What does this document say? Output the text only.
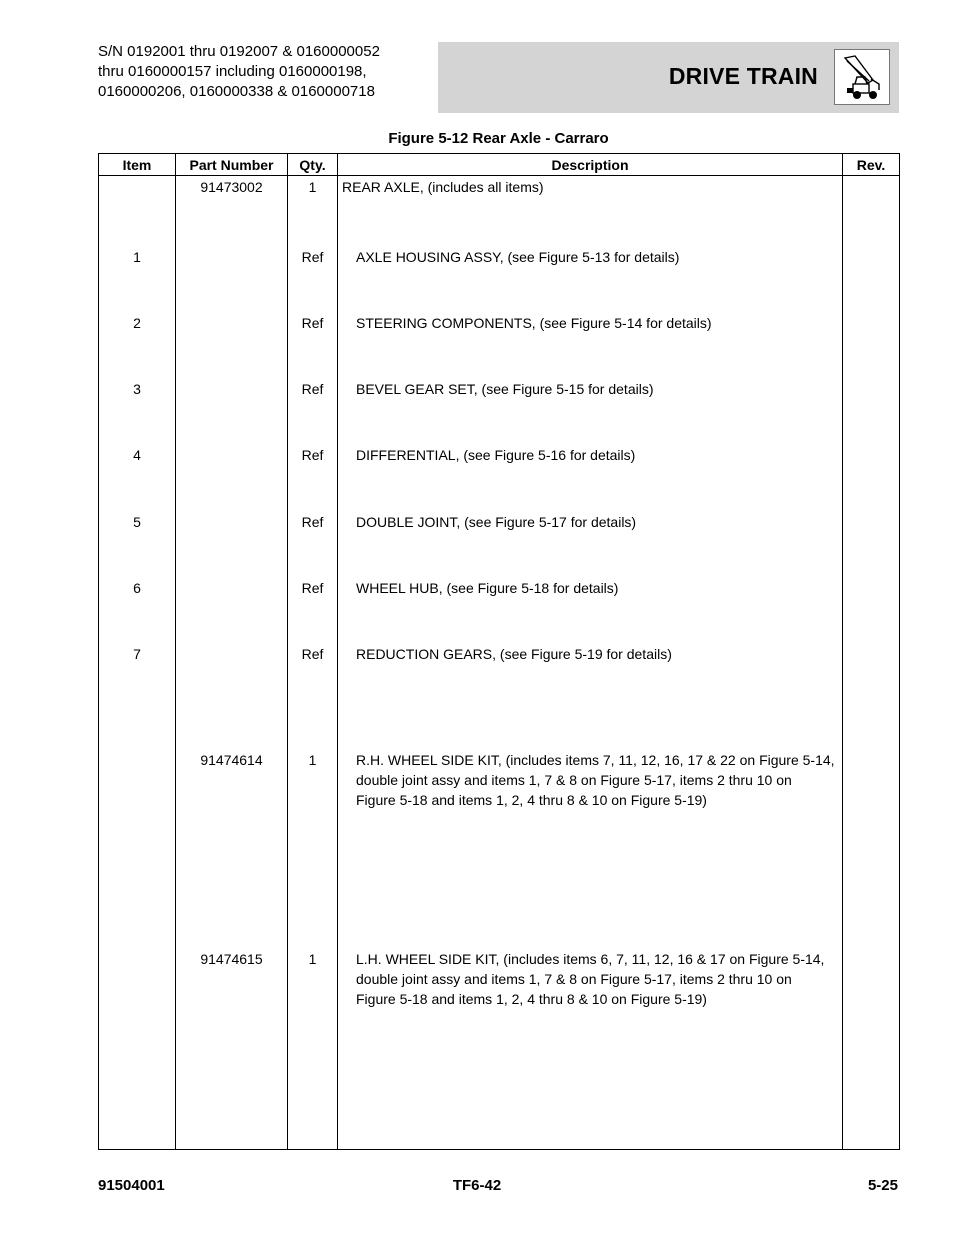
S/N 0192001 thru 0192007 & 0160000052
thru 0160000157 including 0160000198,
0160000206, 0160000338 & 0160000718
DRIVE TRAIN
Figure 5-12 Rear Axle - Carraro
Item	Part Number	Qty.	Description	Rev.
	91473002	1	REAR AXLE, (includes all items)	

1		Ref	AXLE HOUSING ASSY, (see Figure 5-13 for details)	

2		Ref	STEERING COMPONENTS, (see Figure 5-14 for details)	

3		Ref	BEVEL GEAR SET, (see Figure 5-15 for details)	

4		Ref	DIFFERENTIAL, (see Figure 5-16 for details)	

5		Ref	DOUBLE JOINT, (see Figure 5-17 for details)	

6		Ref	WHEEL HUB, (see Figure 5-18 for details)	

7		Ref	REDUCTION GEARS, (see Figure 5-19 for details)	

	91474614	1	R.H. WHEEL SIDE KIT, (includes items 7, 11, 12, 16, 17 & 22 on Figure 5-14,
double joint assy and items 1, 7 & 8 on Figure 5-17, items 2 thru 10 on
Figure 5-18 and items 1, 2, 4 thru 8 & 10 on Figure 5-19)	

	91474615	1	L.H. WHEEL SIDE KIT, (includes items 6, 7, 11, 12, 16 & 17 on Figure 5-14,
double joint assy and items 1, 7 & 8 on Figure 5-17, items 2 thru 10 on
Figure 5-18 and items 1, 2, 4 thru 8 & 10 on Figure 5-19)	

91504001	TF6-42	5-25
